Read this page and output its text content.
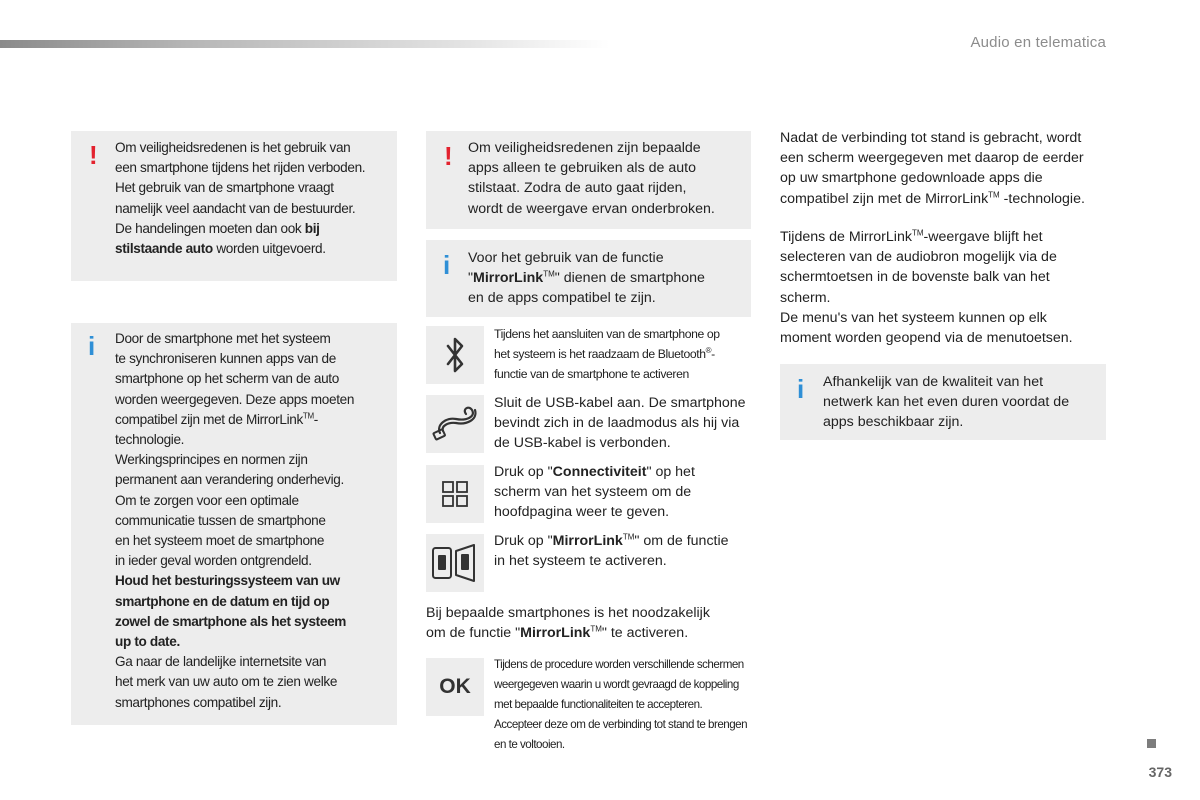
Audio en telematica
! Om veiligheidsredenen is het gebruik van

een smartphone tijdens het rijden verboden.

Het gebruik van de smartphone vraagt

namelijk veel aandacht van de bestuurder.

De handelingen moeten dan ook bij

stilstaande auto worden uitgevoerd.

i Door de smartphone met het systeem

te synchroniseren kunnen apps van de

smartphone op het scherm van de auto

worden weergegeven. Deze apps moeten

compatibel zijn met de MirrorLink™-

technologie.

Werkingsprincipes en normen zijn

permanent aan verandering onderhevig.

Om te zorgen voor een optimale

communicatie tussen de smartphone

en het systeem moet de smartphone

in ieder geval worden ontgrendeld.

Houd het besturingssysteem van uw

smartphone en de datum en tijd op

zowel de smartphone als het systeem

up to date.

Ga naar de landelijke internetsite van

het merk van uw auto om te zien welke

smartphones compatibel zijn.

! Om veiligheidsredenen zijn bepaalde

apps alleen te gebruiken als de auto

stilstaat. Zodra de auto gaat rijden,

wordt de weergave ervan onderbroken.

i Voor het gebruik van de functie

"MirrorLink™" dienen de smartphone

en de apps compatibel te zijn.

Tijdens het aansluiten van de smartphone op

het systeem is het raadzaam de Bluetooth®-

functie van de smartphone te activeren

Sluit de USB-kabel aan. De smartphone

bevindt zich in de laadmodus als hij via

de USB-kabel is verbonden.

Druk op "Connectiviteit" op het

scherm van het systeem om de

hoofdpagina weer te geven.

Druk op "MirrorLink™" om de functie

in het systeem te activeren.

Bij bepaalde smartphones is het noodzakelijk

om de functie "MirrorLink™" te activeren.

OK

Tijdens de procedure worden verschillende schermen

weergegeven waarin u wordt gevraagd de koppeling

met bepaalde functionaliteiten te accepteren.

Accepteer deze om de verbinding tot stand te brengen

en te voltooien.

Nadat de verbinding tot stand is gebracht, wordt

een scherm weergegeven met daarop de eerder

op uw smartphone gedownloade apps die

compatibel zijn met de MirrorLink™ -technologie.

Tijdens de MirrorLink™-weergave blijft het

selecteren van de audiobron mogelijk via de

schermtoetsen in de bovenste balk van het

scherm.

De menu's van het systeem kunnen op elk

moment worden geopend via de menutoetsen.

i Afhankelijk van de kwaliteit van het

netwerk kan het even duren voordat de

apps beschikbaar zijn.

373
